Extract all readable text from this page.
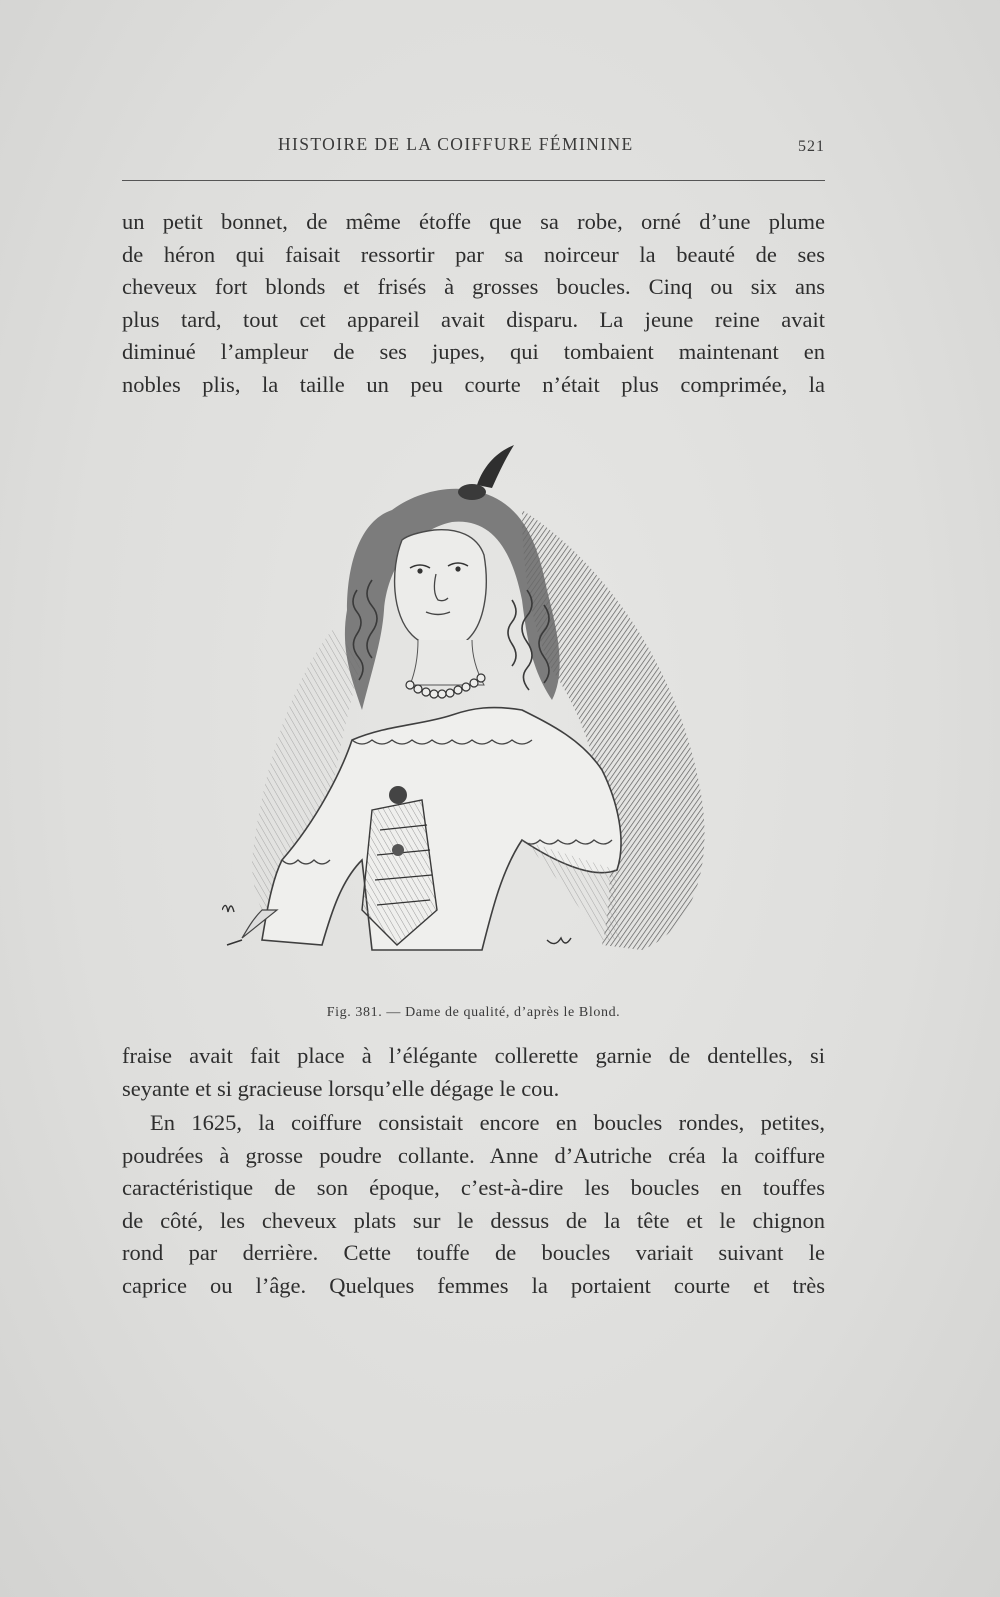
HISTOIRE DE LA COIFFURE FÉMININE	521

un petit bonnet, de même étoffe que sa robe, orné d’une plume
de héron qui faisait ressortir par sa noirceur la beauté de ses
cheveux fort blonds et frisés à grosses boucles. Cinq ou six ans
plus tard, tout cet appareil avait disparu. La jeune reine avait
diminué l’ampleur de ses jupes, qui tombaient maintenant en
nobles plis, la taille un peu courte n’était plus comprimée, la

Fig. 381. — Dame de qualité, d’après le Blond.

fraise avait fait place à l’élégante collerette garnie de dentelles, si
seyante et si gracieuse lorsqu’elle dégage le cou.

En 1625, la coiffure consistait encore en boucles rondes, petites,
poudrées à grosse poudre collante. Anne d’Autriche créa la coiffure
caractéristique de son époque, c’est-à-dire les boucles en touffes
de côté, les cheveux plats sur le dessus de la tête et le chignon
rond par derrière. Cette touffe de boucles variait suivant le
caprice ou l’âge. Quelques femmes la portaient courte et très
